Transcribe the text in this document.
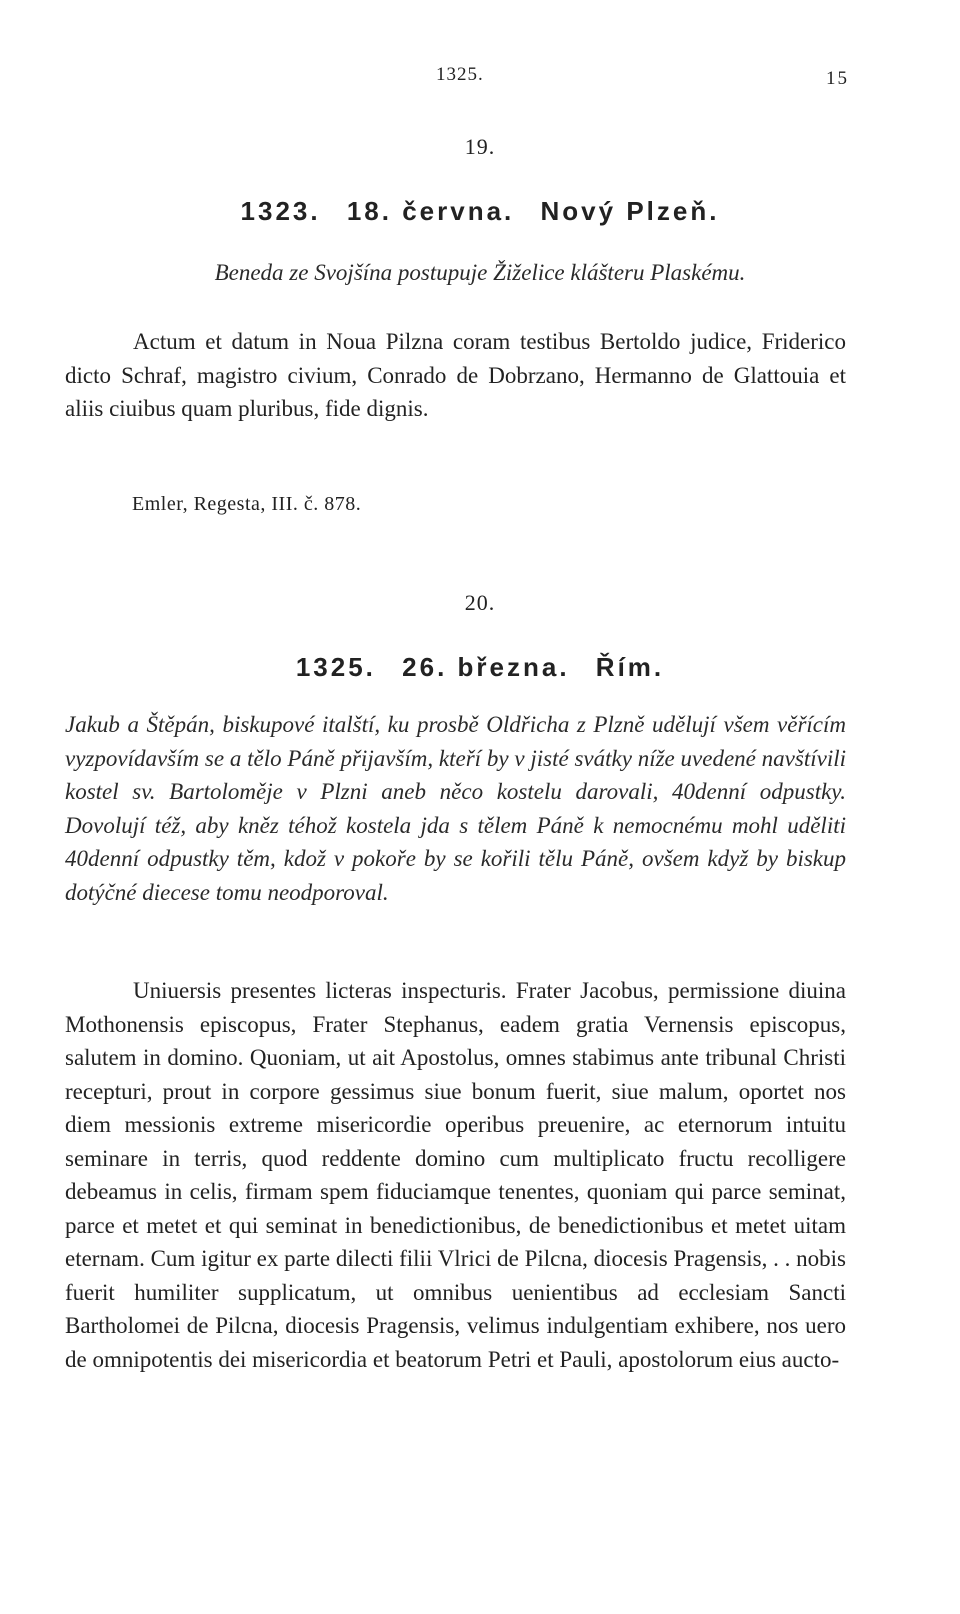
1325.	15
19.
1323. 18. června. Nový Plzeň.
Beneda ze Svojšína postupuje Žiželice klášteru Plaskému.
Actum et datum in Noua Pilzna coram testibus Bertoldo judice, Friderico dicto Schraf, magistro civium, Conrado de Dobrzano, Hermanno de Glattouia et aliis ciuibus quam pluribus, fide dignis.
Emler, Regesta, III. č. 878.
20.
1325. 26. března. Řím.
Jakub a Štěpán, biskupové italští, ku prosbě Oldřicha z Plzně udělují všem věřícím vyzpovídavším se a tělo Páně přijavším, kteří by v jisté svátky níže uvedené navštívili kostel sv. Bartoloměje v Plzni aneb něco kostelu darovali, 40denní odpustky. Dovolují též, aby kněz téhož kostela jda s tělem Páně k nemocnému mohl uděliti 40denní odpustky těm, kdož v pokoře by se kořili tělu Páně, ovšem když by biskup dotýčné diecese tomu neodporoval.
Uniuersis presentes licteras inspecturis. Frater Jacobus, permissione diuina Mothonensis episcopus, Frater Stephanus, eadem gratia Vernensis episcopus, salutem in domino. Quoniam, ut ait Apostolus, omnes stabimus ante tribunal Christi recepturi, prout in corpore gessimus siue bonum fuerit, siue malum, oportet nos diem messionis extreme misericordie operibus preuenire, ac eternorum intuitu seminare in terris, quod reddente domino cum multiplicato fructu recolligere debeamus in celis, firmam spem fiduciamque tenentes, quoniam qui parce seminat, parce et metet et qui seminat in benedictionibus, de benedictionibus et metet uitam eternam. Cum igitur ex parte dilecti filii Vlrici de Pilcna, diocesis Pragensis, . . nobis fuerit humiliter supplicatum, ut omnibus uenientibus ad ecclesiam Sancti Bartholomei de Pilcna, diocesis Pragensis, velimus indulgentiam exhibere, nos uero de omnipotentis dei misericordia et beatorum Petri et Pauli, apostolorum eius aucto-
